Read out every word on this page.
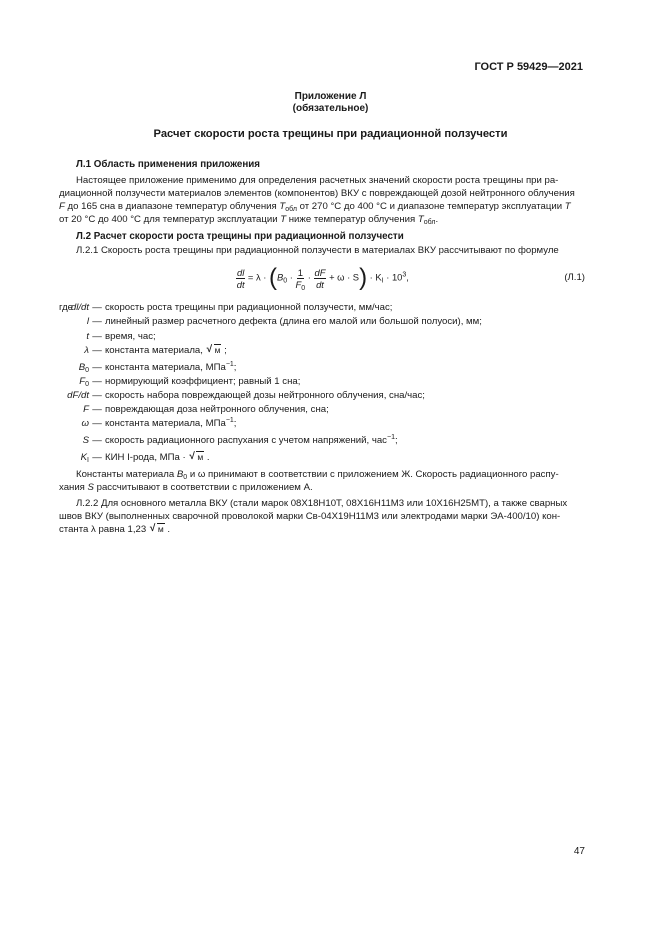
ГОСТ Р 59429—2021
Приложение Л
(обязательное)
Расчет скорости роста трещины при радиационной ползучести
Л.1 Область применения приложения
Настоящее приложение применимо для определения расчетных значений скорости роста трещины при ра-
диационной ползучести материалов элементов (компонентов) ВКУ с повреждающей дозой нейтронного облучения
F до 165 сна в диапазоне температур облучения $T_{обл}$ от 270 °С до 400 °С и диапазоне температур эксплуатации T
от 20 °С до 400 °С для температур эксплуатации T ниже температур облучения $T_{обл}$.
Л.2 Расчет скорости роста трещины при радиационной ползучести
Л.2.1 Скорость роста трещины при радиационной ползучести в материалах ВКУ рассчитывают по формуле
$\frac{dl}{dt} = \lambda \cdot (B_0 \cdot \frac{1}{F_0} \cdot \frac{dF}{dt} + \omega \cdot S) \cdot K_I \cdot 10^3$,	(Л.1)
где
dl/dt — скорость роста трещины при радиационной ползучести, мм/час;
l — линейный размер расчетного дефекта (длина его малой или большой полуоси), мм;
t — время, час;
λ — константа материала, √ м ;
$B_0$ — константа материала, МПа$^{-1}$;
$F_0$ — нормирующий коэффициент; равный 1 сна;
dF/dt — скорость набора повреждающей дозы нейтронного облучения, сна/час;
F — повреждающая доза нейтронного облучения, сна;
ω — константа материала, МПа$^{-1}$;
S — скорость радиационного распухания с учетом напряжений, час$^{-1}$;
$K_I$ — КИН I-рода, МПа · √ м .
Константы материала $B_0$ и ω принимают в соответствии с приложением Ж. Скорость радиационного распу-
хания S рассчитывают в соответствии с приложением А.
Л.2.2 Для основного металла ВКУ (стали марок 08Х18Н10Т, 08Х16Н11М3 или 10Х16Н25МТ), а также сварных
швов ВКУ (выполненных сварочной проволокой марки Св-04Х19Н11М3 или электродами марки ЭА-400/10) кон-
станта λ равна 1,23 √ м .
47
